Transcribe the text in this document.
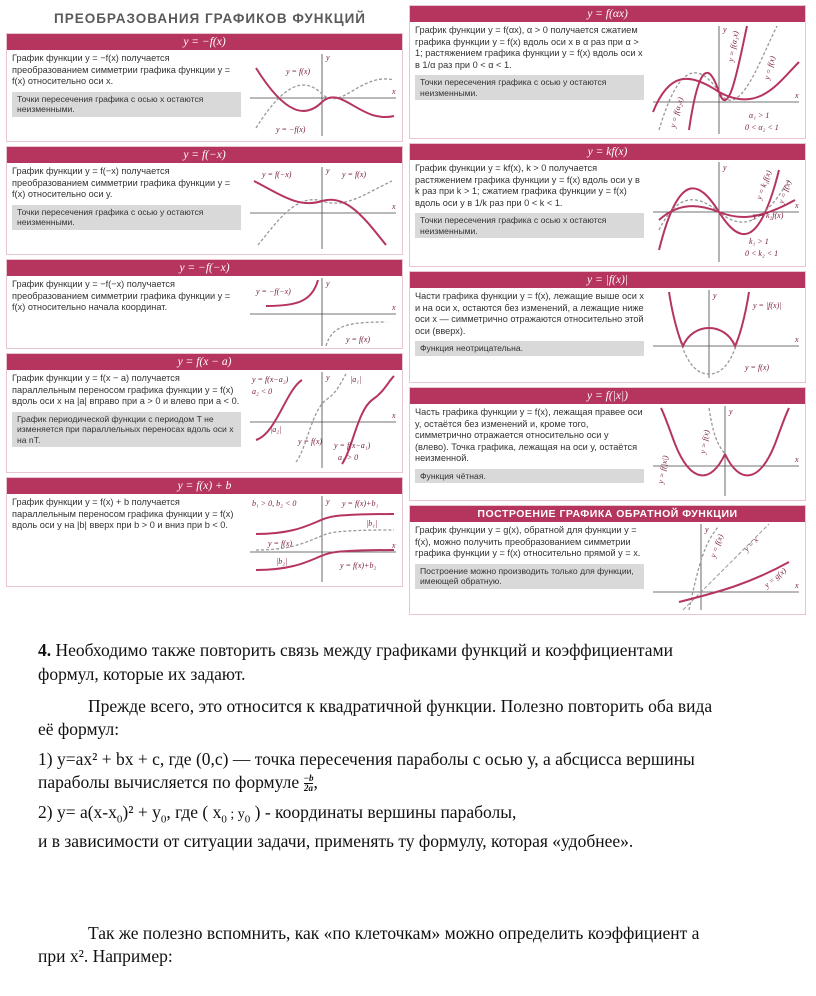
ПРЕОБРАЗОВАНИЯ ГРАФИКОВ ФУНКЦИЙ
y = −f(x)
График функции y = −f(x) получается преобразованием симметрии графика функции y = f(x) относительно оси x.
Точки пересечения графика с осью x остаются неизменными.
y = f(x)
y = −f(x)
y
x
y = f(−x)
График функции y = f(−x) получается преобразованием симметрии графика функции y = f(x) относительно оси y.
Точки пересечения графика с осью y остаются неизменными.
y = f(−x)	y = f(x)
y
x
y = −f(−x)
График функции y = −f(−x) получается преобразованием симметрии графика функции y = f(x) относительно начала координат.
y = −f(−x)
y = f(x)
y
x
y = f(x − a)
График функции y = f(x − a) получается параллельным переносом графика функции y = f(x) вдоль оси x на |a| вправо при a > 0 и влево при a < 0.
График периодической функции с периодом T не изменяется при параллельных переносах вдоль оси x на nT.
y = f(x−a₂)
a₂ < 0
|a₁|
|a₂|
y = f(x) y = f(x−a₁)
a₁ > 0
y
x
y = f(x) + b
График функции y = f(x) + b получается параллельным переносом графика функции y = f(x) вдоль оси y на |b| вверх при b > 0 и вниз при b < 0.
b₁ > 0, b₂ < 0	y = f(x)+b₁
|b₁|
y = f(x)
|b₂|	y = f(x)+b₂
y
x
y = f(αx)
График функции y = f(αx), α > 0 получается сжатием графика функции y = f(x) вдоль оси x в α раз при α > 1; растяжением графика функции y = f(x) вдоль оси x в 1/α раз при 0 < α < 1.
Точки пересечения графика с осью y остаются неизменными.
y = f(α₁x)
y = f(x)
y = f(α₂x)	α₁ > 1
0 < α₂ < 1
y
x
y = kf(x)
График функции y = kf(x), k > 0 получается растяжением графика функции y = f(x) вдоль оси y в k раз при k > 1; сжатием графика функции y = f(x) вдоль оси y в 1/k раз при 0 < k < 1.
Точки пересечения графика с осью x остаются неизменными.
y = k₁f(x) y = f(x)
y = k₂f(x)
k₁ > 1
0 < k₂ < 1
y
x
y = |f(x)|
Части графика функции y = f(x), лежащие выше оси x и на оси x, остаются без изменений, а лежащие ниже оси x — симметрично отражаются относительно этой оси (вверх).
Функция неотрицательна.
y = |f(x)|
y = f(x)
y
x
y = f(|x|)
Часть графика функции y = f(x), лежащая правее оси y, остаётся без изменений и, кроме того, симметрично отражается относительно оси y (влево). Точка графика, лежащая на оси y, остаётся неизменной.
Функция чётная.	y = f(|x|)
y = f(x)
y
x
ПОСТРОЕНИЕ ГРАФИКА ОБРАТНОЙ ФУНКЦИИ
График функции y = g(x), обратной для функции y = f(x), можно получить преобразованием симметрии графика функции y = f(x) относительно прямой y = x.
Построение можно производить только для функции, имеющей обратную.
y = f(x) y = x
y = g(x)
y
x

4. Необходимо также повторить связь между графиками функций и коэффициентами

формул, которые их задают.

Прежде всего, это относится к квадратичной функции. Полезно повторить оба вида

её формул:

1) y=ax² + bx + c, где (0,c) — точка пересечения параболы с осью у, а абсцисса вершины

параболы вычисляется по формуле $\frac{-b}{2a}$ ,

2) $y= a(x-x_0)^2 + y_0$, где ( $x_0$ ; $y_0$ ) - координаты вершины параболы,

и в зависимости от ситуации задачи, применять ту формулу, которая «удобнее».

Так же полезно вспомнить, как «по клеточкам» можно определить коэффициент а

при x². Например:
